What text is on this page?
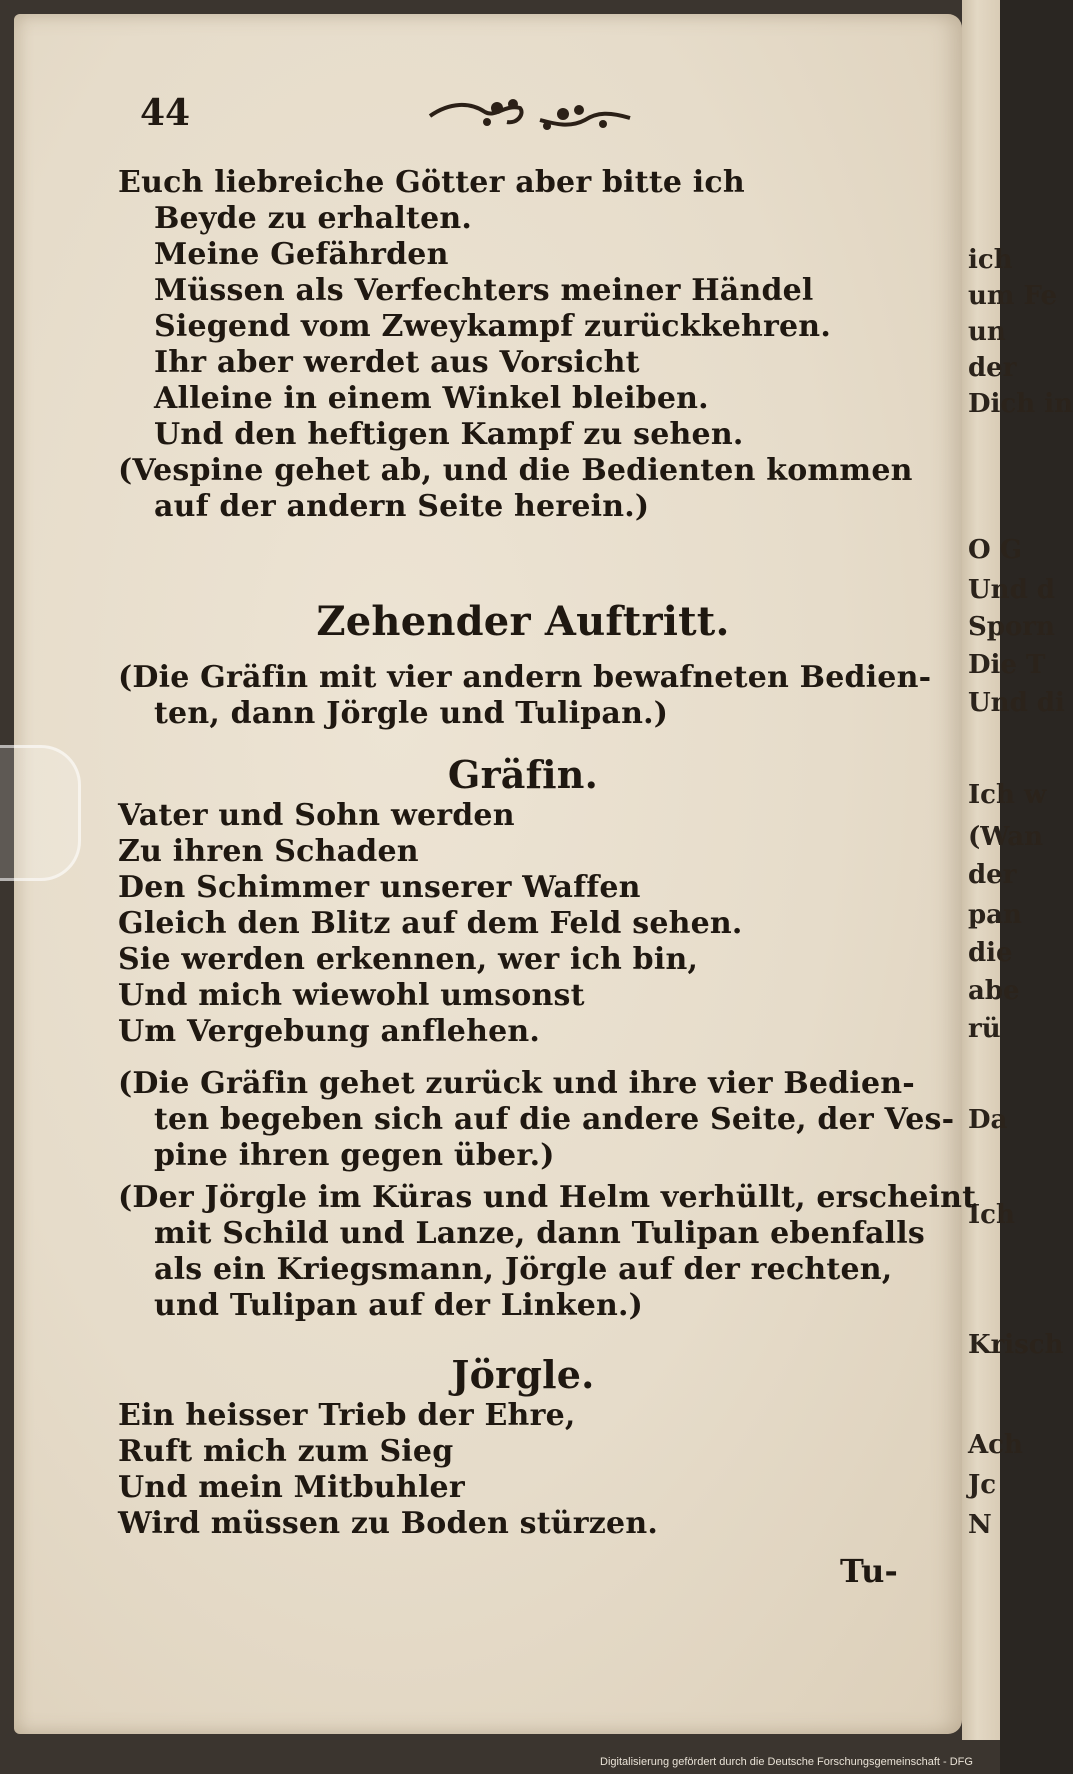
ich
um Fe
un
der
Dich in
O G
Und d
Sporn
Die T
Und di
Ich w
(Wan
der
pan
die
abe
rü
Da
Ich
Krisch
Ach
Jc
N
44
Euch liebreiche Götter aber bitte ich
Beyde zu erhalten.
Meine Gefährden
Müssen als Verfechters meiner Händel
Siegend vom Zweykampf zurückkehren.
Ihr aber werdet aus Vorsicht
Alleine in einem Winkel bleiben.
Und den heftigen Kampf zu sehen.
(Vespine gehet ab, und die Bedienten kommen
auf der andern Seite herein.)
Zehender Auftritt.
(Die Gräfin mit vier andern bewafneten Bedien-
ten, dann Jörgle und Tulipan.)
Gräfin.
Vater und Sohn werden
Zu ihren Schaden
Den Schimmer unserer Waffen
Gleich den Blitz auf dem Feld sehen.
Sie werden erkennen, wer ich bin,
Und mich wiewohl umsonst
Um Vergebung anflehen.
(Die Gräfin gehet zurück und ihre vier Bedien-
ten begeben sich auf die andere Seite, der Ves-
pine ihren gegen über.)
(Der Jörgle im Küras und Helm verhüllt, erscheint
mit Schild und Lanze, dann Tulipan ebenfalls
als ein Kriegsmann, Jörgle auf der rechten,
und Tulipan auf der Linken.)
Jörgle.
Ein heisser Trieb der Ehre,
Ruft mich zum Sieg
Und mein Mitbuhler
Wird müssen zu Boden stürzen.
Tu-
Digitalisierung gefördert durch die Deutsche Forschungsgemeinschaft - DFG
